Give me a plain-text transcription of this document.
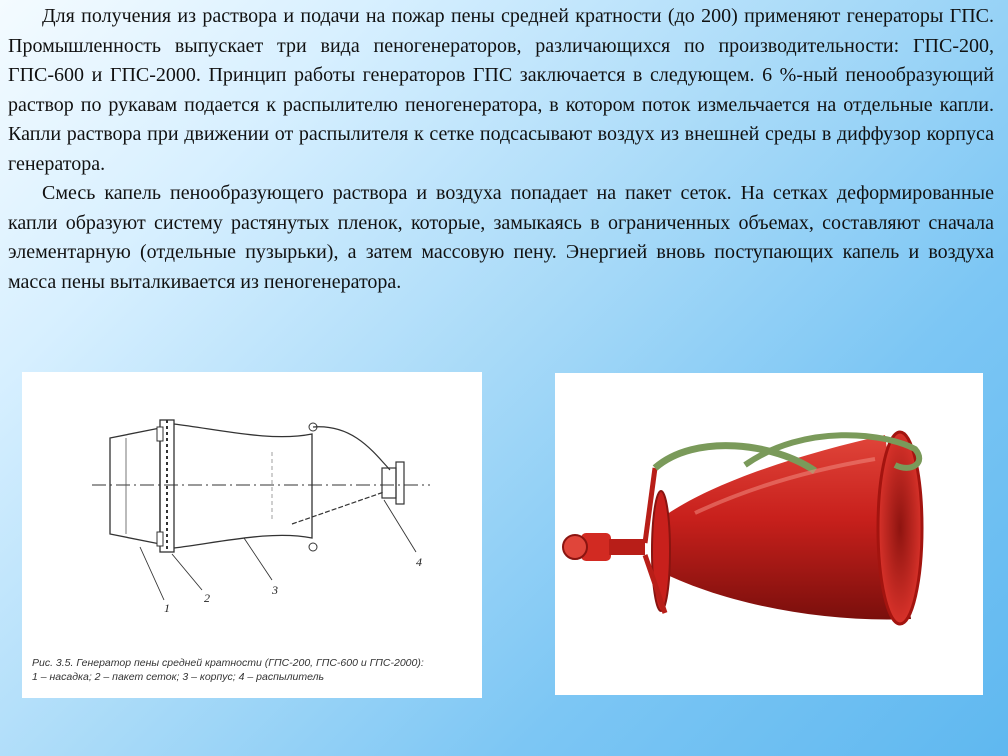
Для получения из раствора и подачи на пожар пены средней кратности (до 200) применяют генераторы ГПС. Промышленность выпускает три вида пеногенераторов, различающихся по производительности: ГПС-200, ГПС-600 и ГПС-2000. Принцип работы генераторов ГПС заключается в следующем. 6 %-ный пенообразующий раствор по рукавам подается к распылителю пеногенератора, в котором поток измельчается на отдельные капли. Капли раствора при движении от распылителя к сетке подсасывают воздух из внешней среды в диффузор корпуса генератора.

Смесь капель пенообразующего раствора и воздуха попадает на пакет сеток. На сетках деформированные капли образуют систему растянутых пленок, которые, замыкаясь в ограниченных объемах, составляют сначала элементарную (отдельные пузырьки), а затем массовую пену. Энергией вновь поступающих капель и воздуха масса пены выталкивается из пеногенератора.

1
2
3
4
Рис. 3.5. Генератор пены средней кратности (ГПС-200, ГПС-600 и ГПС-2000):
1 – насадка; 2 – пакет сеток; 3 – корпус; 4 – распылитель
